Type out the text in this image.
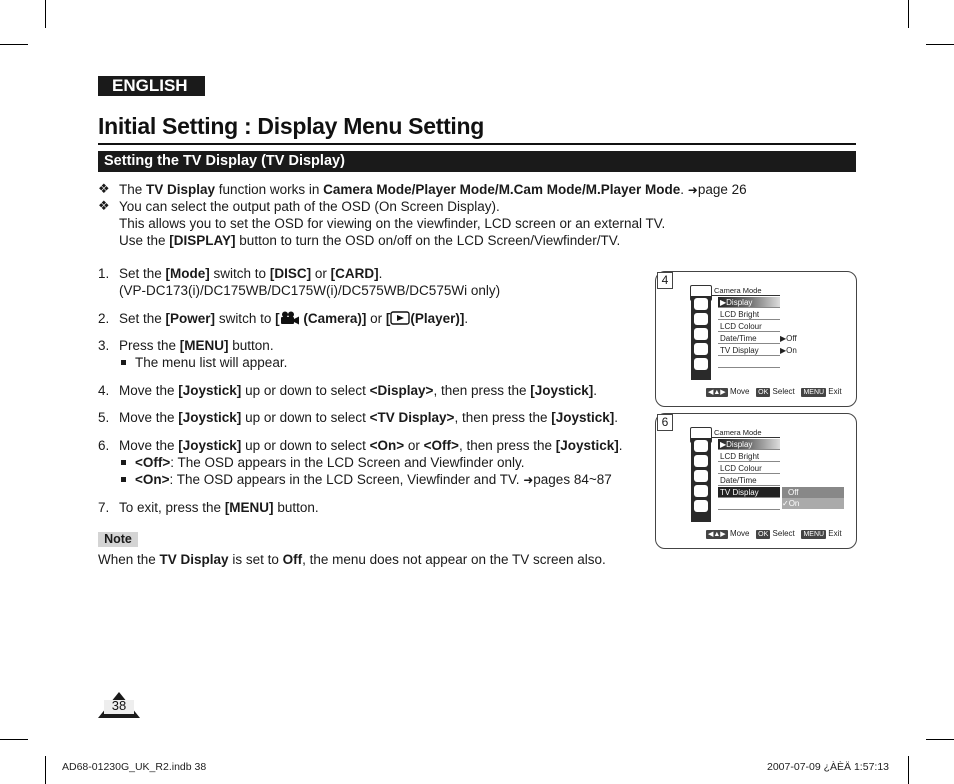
ENGLISH
Initial Setting : Display Menu Setting
Setting the TV Display (TV Display)
❖ The TV Display function works in Camera Mode/Player Mode/M.Cam Mode/M.Player Mode. ➜page 26
❖ You can select the output path of the OSD (On Screen Display).
This allows you to set the OSD for viewing on the viewfinder, LCD screen or an external TV.
Use the [DISPLAY] button to turn the OSD on/off on the LCD Screen/Viewfinder/TV.
1. Set the [Mode] switch to [DISC] or [CARD].
(VP-DC173(i)/DC175WB/DC175W(i)/DC575WB/DC575Wi only)
2. Set the [Power] switch to [ (Camera)] or [ (Player)].
3. Press the [MENU] button.
The menu list will appear.
4. Move the [Joystick] up or down to select <Display>, then press the [Joystick].
5. Move the [Joystick] up or down to select <TV Display>, then press the [Joystick].
6. Move the [Joystick] up or down to select <On> or <Off>, then press the [Joystick].
<Off>: The OSD appears in the LCD Screen and Viewfinder only.
<On>: The OSD appears in the LCD Screen, Viewfinder and TV. ➜pages 84~87
7. To exit, press the [MENU] button.
Note
When the TV Display is set to Off, the menu does not appear on the TV screen also.
Camera Mode
▶Display
LCD Bright
LCD Colour
Date/Time
TV Display
▶Off
▶On
◀▲▶ Move OK Select MENU Exit
4
Camera Mode
▶Display
LCD Bright
LCD Colour
Date/Time
TV Display	Off
✓On
◀▲▶ Move OK Select MENU Exit
6
38
AD68-01230G_UK_R2.indb 38	2007-07-09 ¿ÀÈÄ 1:57:13
